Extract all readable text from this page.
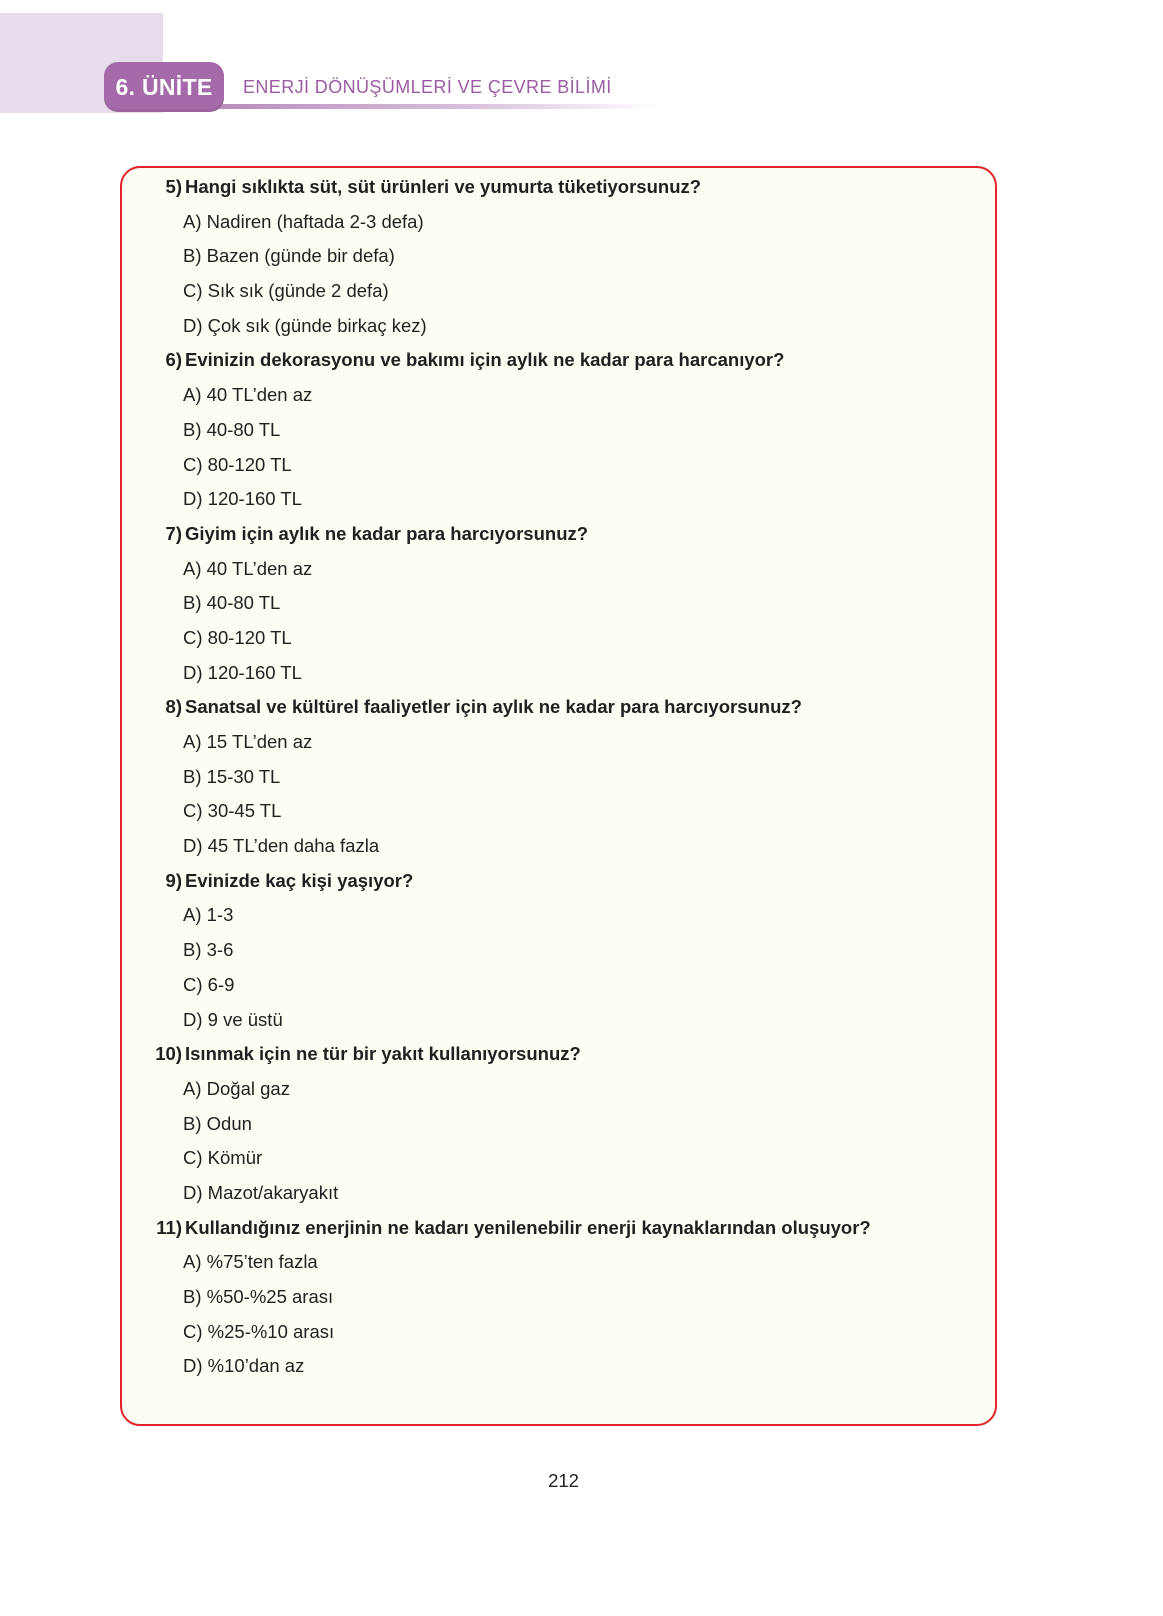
6. ÜNİTE	ENERJİ DÖNÜŞÜMLERİ VE ÇEVRE BİLİMİ
5) Hangi sıklıkta süt, süt ürünleri ve yumurta tüketiyorsunuz?
A) Nadiren (haftada 2-3 defa)
B) Bazen (günde bir defa)
C) Sık sık (günde 2 defa)
D) Çok sık (günde birkaç kez)
6) Evinizin dekorasyonu ve bakımı için aylık ne kadar para harcanıyor?
A) 40 TL’den az
B) 40-80 TL
C) 80-120 TL
D) 120-160 TL
7) Giyim için aylık ne kadar para harcıyorsunuz?
A) 40 TL’den az
B) 40-80 TL
C) 80-120 TL
D) 120-160 TL
8) Sanatsal ve kültürel faaliyetler için aylık ne kadar para harcıyorsunuz?
A) 15 TL’den az
B) 15-30 TL
C) 30-45 TL
D) 45 TL’den daha fazla
9) Evinizde kaç kişi yaşıyor?
A) 1-3
B) 3-6
C) 6-9
D) 9 ve üstü
10) Isınmak için ne tür bir yakıt kullanıyorsunuz?
A) Doğal gaz
B) Odun
C) Kömür
D) Mazot/akaryakıt
11) Kullandığınız enerjinin ne kadarı yenilenebilir enerji kaynaklarından oluşuyor?
A) %75’ten fazla
B) %50-%25 arası
C) %25-%10 arası
D) %10’dan az
212
